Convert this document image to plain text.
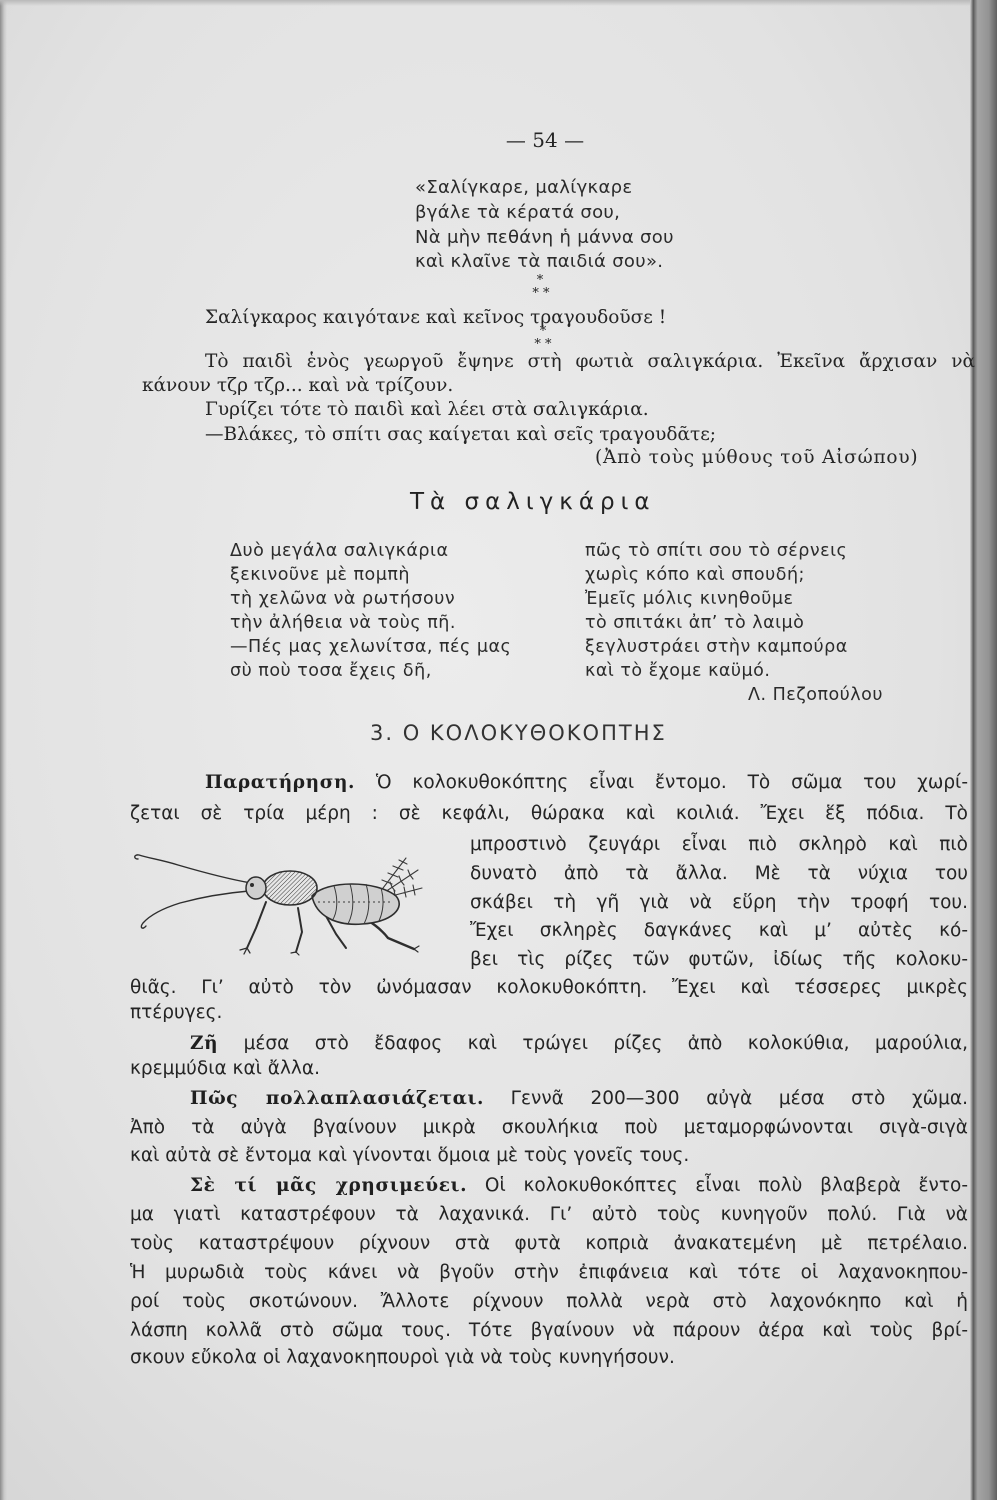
— 54 —
«Σαλίγκαρε, μαλίγκαρε
βγάλε τὰ κέρατά σου,
Νὰ μὴν πεθάνη ἡ μάννα σου
καὶ κλαῖνε τὰ παιδιά σου».
*
* *
Σαλίγκαρος καιγότανε καὶ κεῖνος τραγουδοῦσε !
*
* *
Τὸ παιδὶ ἑνὸς γεωργοῦ ἔψηνε στὴ φωτιὰ σαλιγκάρια. Ἐκεῖνα ἄρχισαν νὰ
κάνουν τζρ τζρ... καὶ νὰ τρίζουν.
Γυρίζει τότε τὸ παιδὶ καὶ λέει στὰ σαλιγκάρια.
—Βλάκες, τὸ σπίτι σας καίγεται καὶ σεῖς τραγουδᾶτε;
(Ἀπὸ τοὺς μύθους τοῦ Αἰσώπου)
Τὰ σαλιγκάρια
Δυὸ μεγάλα σαλιγκάρια
ξεκινοῦνε μὲ πομπὴ
τὴ χελῶνα νὰ ρωτήσουν
τὴν ἀλήθεια νὰ τοὺς πῆ.
—Πές μας χελωνίτσα, πές μας
σὺ ποὺ τοσα ἔχεις δῆ,
πῶς τὸ σπίτι σου τὸ σέρνεις
χωρὶς κόπο καὶ σπουδή;
Ἐμεῖς μόλις κινηθοῦμε
τὸ σπιτάκι ἀπ’ τὸ λαιμὸ
ξεγλυστράει στὴν καμπούρα
καὶ τὸ ἔχομε καϋμό.
Λ. Πεζοπούλου
3. Ο ΚΟΛΟΚΥΘΟΚΟΠΤΗΣ
Παρατήρηση. Ὁ κολοκυθοκόπτης εἶναι ἔντομο. Τὸ σῶμα του χωρί-
ζεται σὲ τρία μέρη : σὲ κεφάλι, θώρακα καὶ κοιλιά. Ἔχει ἕξ πόδια. Τὸ
μπροστινὸ ζευγάρι εἶναι πιὸ σκληρὸ καὶ πιὸ
δυνατὸ ἀπὸ τὰ ἄλλα. Μὲ τὰ νύχια του
σκάβει τὴ γῆ γιὰ νὰ εὕρη τὴν τροφή του.
Ἔχει σκληρὲς δαγκάνες καὶ μ’ αὐτὲς κό-
βει τὶς ρίζες τῶν φυτῶν, ἰδίως τῆς κολοκυ-
θιᾶς. Γι’ αὐτὸ τὸν ὠνόμασαν κολοκυθοκόπτη. Ἔχει καὶ τέσσερες μικρὲς
πτέρυγες.
Ζῆ μέσα στὸ ἔδαφος καὶ τρώγει ρίζες ἀπὸ κολοκύθια, μαρούλια,
κρεμμύδια καὶ ἄλλα.
Πῶς πολλαπλασιάζεται. Γεννᾶ 200—300 αὐγὰ μέσα στὸ χῶμα.
Ἀπὸ τὰ αὐγὰ βγαίνουν μικρὰ σκουλήκια ποὺ μεταμορφώνονται σιγὰ-σιγὰ
καὶ αὐτὰ σὲ ἔντομα καὶ γίνονται ὅμοια μὲ τοὺς γονεῖς τους.
Σὲ τί μᾶς χρησιμεύει. Οἱ κολοκυθοκόπτες εἶναι πολὺ βλαβερὰ ἔντο-
μα γιατὶ καταστρέφουν τὰ λαχανικά. Γι’ αὐτὸ τοὺς κυνηγοῦν πολύ. Γιὰ νὰ
τοὺς καταστρέψουν ρίχνουν στὰ φυτὰ κοπριὰ ἀνακατεμένη μὲ πετρέλαιο.
Ἡ μυρωδιὰ τοὺς κάνει νὰ βγοῦν στὴν ἐπιφάνεια καὶ τότε οἱ λαχανοκηπου-
ροί τοὺς σκοτώνουν. Ἄλλοτε ρίχνουν πολλὰ νερὰ στὸ λαχονόκηπο καὶ ἡ
λάσπη κολλᾶ στὸ σῶμα τους. Τότε βγαίνουν νὰ πάρουν ἀέρα καὶ τοὺς βρί-
σκουν εὔκολα οἱ λαχανοκηπουροὶ γιὰ νὰ τοὺς κυνηγήσουν.
